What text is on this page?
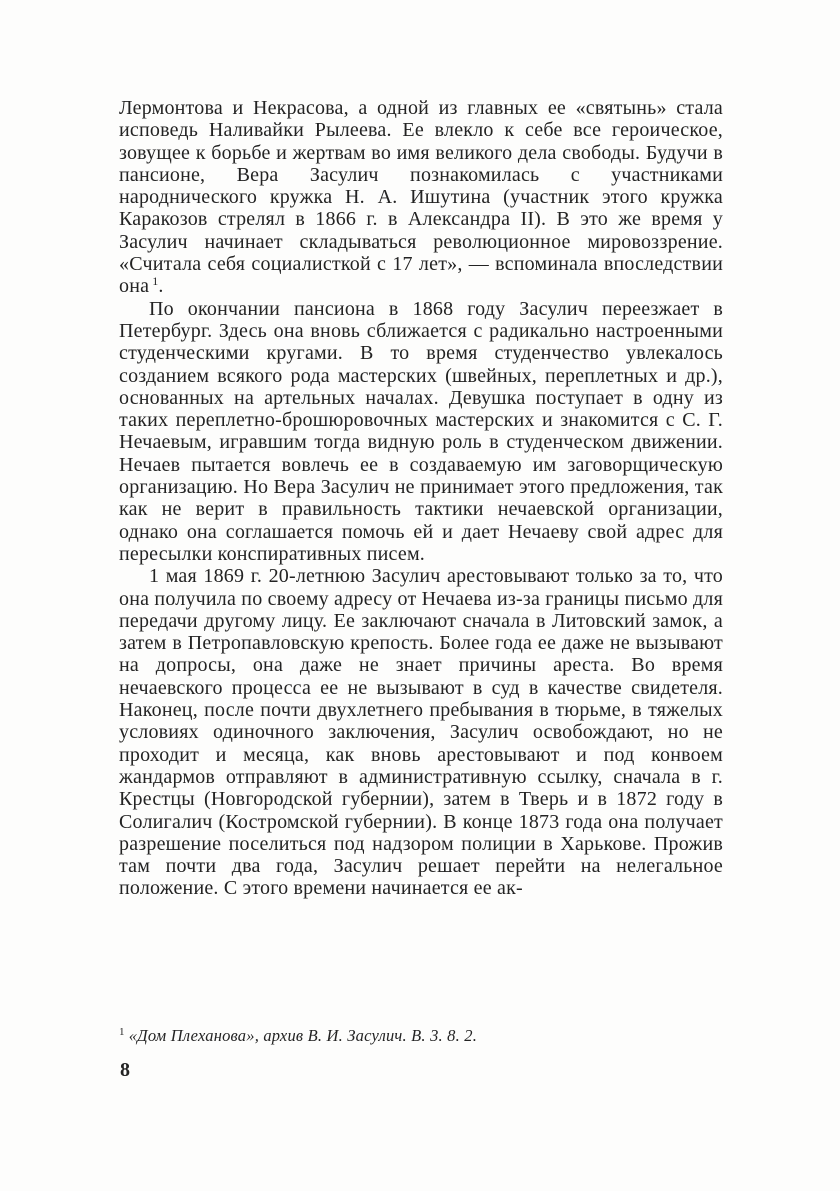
Лермонтова и Некрасова, а одной из главных ее «святынь» стала исповедь Наливайки Рылеева. Ее влекло к себе все героическое, зовущее к борьбе и жертвам во имя великого дела свободы. Будучи в пансионе, Вера Засулич познакомилась с участниками народнического кружка Н. А. Ишутина (участник этого кружка Каракозов стрелял в 1866 г. в Александра II). В это же время у Засулич начинает складываться революционное мировоззрение. «Считала себя социалисткой с 17 лет», — вспоминала впоследствии она $^1$.

По окончании пансиона в 1868 году Засулич переезжает в Петербург. Здесь она вновь сближается с радикально настроенными студенческими кругами. В то время студенчество увлекалось созданием всякого рода мастерских (швейных, переплетных и др.), основанных на артельных началах. Девушка поступает в одну из таких переплетно-брошюровочных мастерских и знакомится с С. Г. Нечаевым, игравшим тогда видную роль в студенческом движении. Нечаев пытается вовлечь ее в создаваемую им заговорщическую организацию. Но Вера Засулич не принимает этого предложения, так как не верит в правильность тактики нечаевской организации, однако она соглашается помочь ей и дает Нечаеву свой адрес для пересылки конспиративных писем.

1 мая 1869 г. 20-летнюю Засулич арестовывают только за то, что она получила по своему адресу от Нечаева из-за границы письмо для передачи другому лицу. Ее заключают сначала в Литовский замок, а затем в Петропавловскую крепость. Более года ее даже не вызывают на допросы, она даже не знает причины ареста. Во время нечаевского процесса ее не вызывают в суд в качестве свидетеля. Наконец, после почти двухлетнего пребывания в тюрьме, в тяжелых условиях одиночного заключения, Засулич освобождают, но не проходит и месяца, как вновь арестовывают и под конвоем жандармов отправляют в административную ссылку, сначала в г. Крестцы (Новгородской губернии), затем в Тверь и в 1872 году в Солигалич (Костромской губернии). В конце 1873 года она получает разрешение поселиться под надзором полиции в Харькове. Прожив там почти два года, Засулич решает перейти на нелегальное положение. С этого времени начинается ее ак-

$^1$ «Дом Плеханова», архив В. И. Засулич. В. 3. 8. 2.
8
